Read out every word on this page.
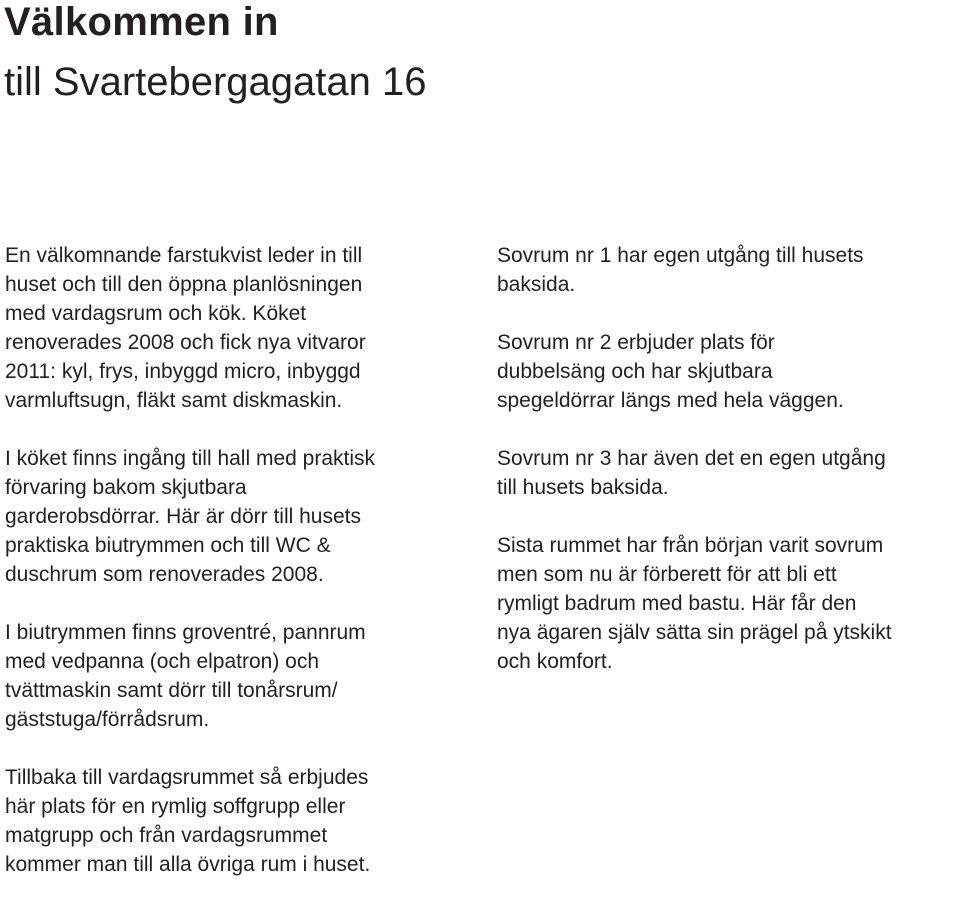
Välkommen in
till Svartebergagatan 16

En välkomnande farstukvist leder in till
huset och till den öppna planlösningen
med vardagsrum och kök. Köket
renoverades 2008 och fick nya vitvaror
2011: kyl, frys, inbyggd micro, inbyggd
varmluftsugn, fläkt samt diskmaskin.

I köket finns ingång till hall med praktisk
förvaring bakom skjutbara
garderobsdörrar. Här är dörr till husets
praktiska biutrymmen och till WC &
duschrum som renoverades 2008.

I biutrymmen finns groventré, pannrum
med vedpanna (och elpatron) och
tvättmaskin samt dörr till tonårsrum/
gäststuga/förrådsrum.

Tillbaka till vardagsrummet så erbjudes
här plats för en rymlig soffgrupp eller
matgrupp och från vardagsrummet
kommer man till alla övriga rum i huset.

Sovrum nr 1 har egen utgång till husets
baksida.

Sovrum nr 2 erbjuder plats för
dubbelsäng och har skjutbara
spegeldörrar längs med hela väggen.

Sovrum nr 3 har även det en egen utgång
till husets baksida.

Sista rummet har från början varit sovrum
men som nu är förberett för att bli ett
rymligt badrum med bastu. Här får den
nya ägaren själv sätta sin prägel på ytskikt
och komfort.
